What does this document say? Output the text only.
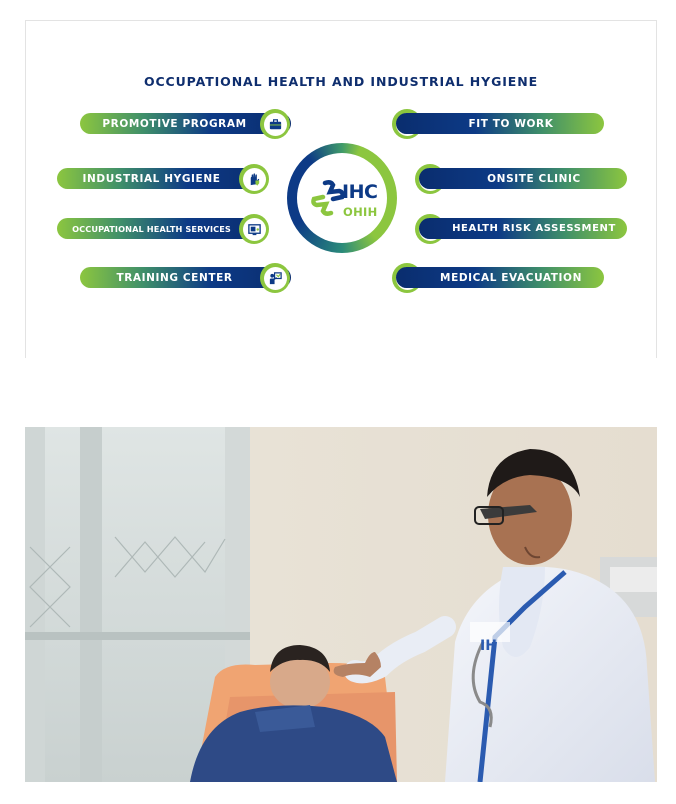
OCCUPATIONAL HEALTH AND INDUSTRIAL HYGIENE
PROMOTIVE PROGRAM
INDUSTRIAL HYGIENE
OCCUPATIONAL HEALTH SERVICES
TRAINING CENTER
IHC
OHIH
FIT TO WORK
ONSITE CLINIC
HEALTH RISK ASSESSMENT
MEDICAL EVACUATION
IH
